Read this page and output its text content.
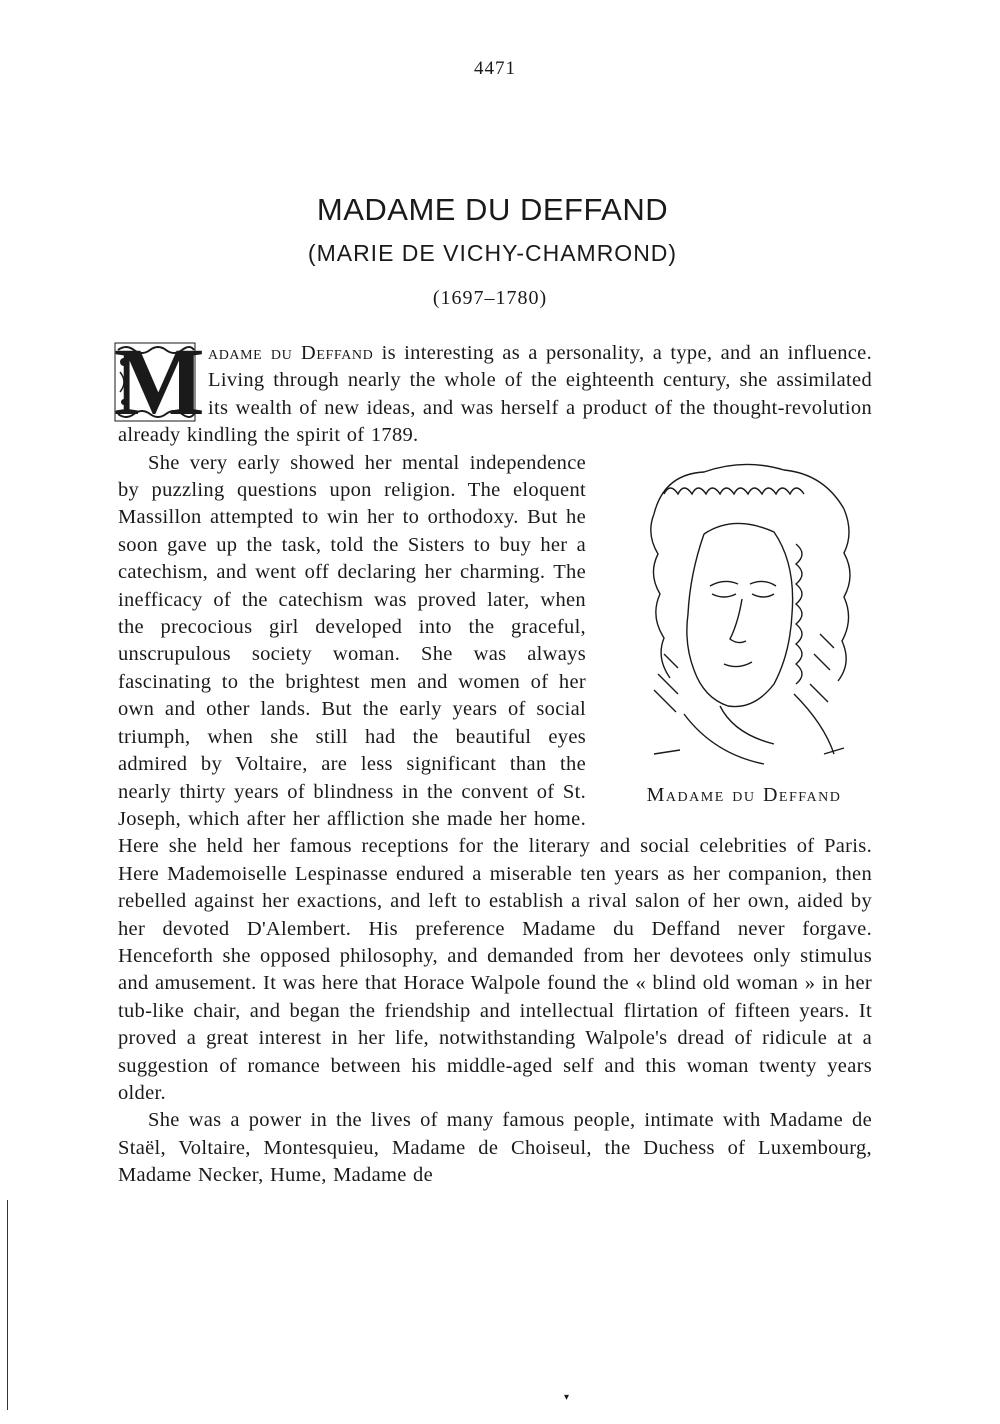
4471
MADAME DU DEFFAND
(MARIE DE VICHY-CHAMROND)
(1697–1780)
M adame du Deffand is interesting as a personality, a type, and an influence. Living through nearly the whole of the eighteenth century, she assimilated its wealth of new ideas, and was herself a product of the thought-revolution already kindling the spirit of 1789.

Madame du Deffand

She very early showed her mental independence by puzzling questions upon religion. The eloquent Massillon attempted to win her to orthodoxy. But he soon gave up the task, told the Sisters to buy her a catechism, and went off declaring her charming. The inefficacy of the catechism was proved later, when the precocious girl developed into the graceful, unscrupulous society woman. She was always fascinating to the brightest men and women of her own and other lands. But the early years of social triumph, when she still had the beautiful eyes admired by Voltaire, are less significant than the nearly thirty years of blindness in the convent of St. Joseph, which after her affliction she made her home. Here she held her famous receptions for the literary and social celebrities of Paris. Here Mademoiselle Lespinasse endured a miserable ten years as her companion, then rebelled against her exactions, and left to establish a rival salon of her own, aided by her devoted D'Alembert. His preference Madame du Deffand never forgave. Henceforth she opposed philosophy, and demanded from her devotees only stimulus and amusement. It was here that Horace Walpole found the « blind old woman » in her tub-like chair, and began the friendship and intellectual flirtation of fifteen years. It proved a great interest in her life, notwithstanding Walpole's dread of ridicule at a suggestion of romance between his middle-aged self and this woman twenty years older.

She was a power in the lives of many famous people, intimate with Madame de Staël, Voltaire, Montesquieu, Madame de Choiseul, the Duchess of Luxembourg, Madame Necker, Hume, Madame de

▾
